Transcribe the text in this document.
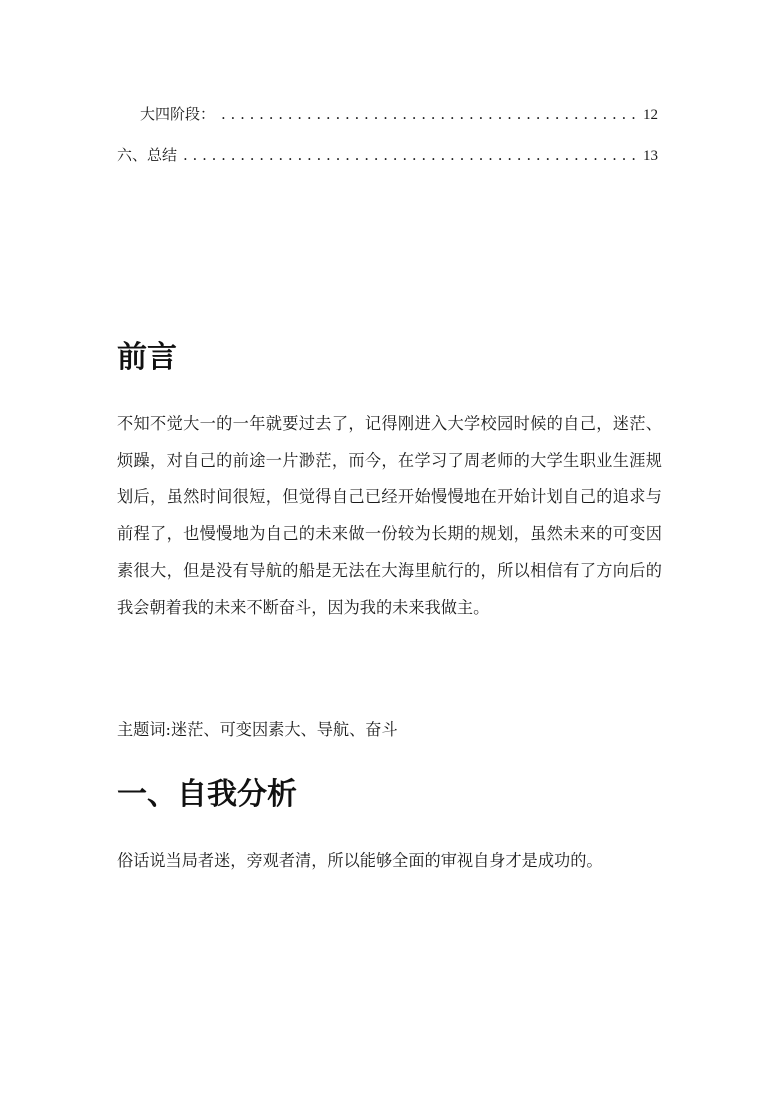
大四阶段： . . .	12
六、总结 . . .	13
前言

不知不觉大一的一年就要过去了，记得刚进入大学校园时候的自己，迷茫、烦躁，对自己的前途一片渺茫，而今，在学习了周老师的大学生职业生涯规划后，虽然时间很短，但觉得自己已经开始慢慢地在开始计划自己的追求与前程了，也慢慢地为自己的未来做一份较为长期的规划，虽然未来的可变因素很大，但是没有导航的船是无法在大海里航行的，所以相信有了方向后的我会朝着我的未来不断奋斗，因为我的未来我做主。

主题词:迷茫、可变因素大、导航、奋斗

一、自我分析

俗话说当局者迷，旁观者清，所以能够全面的审视自身才是成功的。
